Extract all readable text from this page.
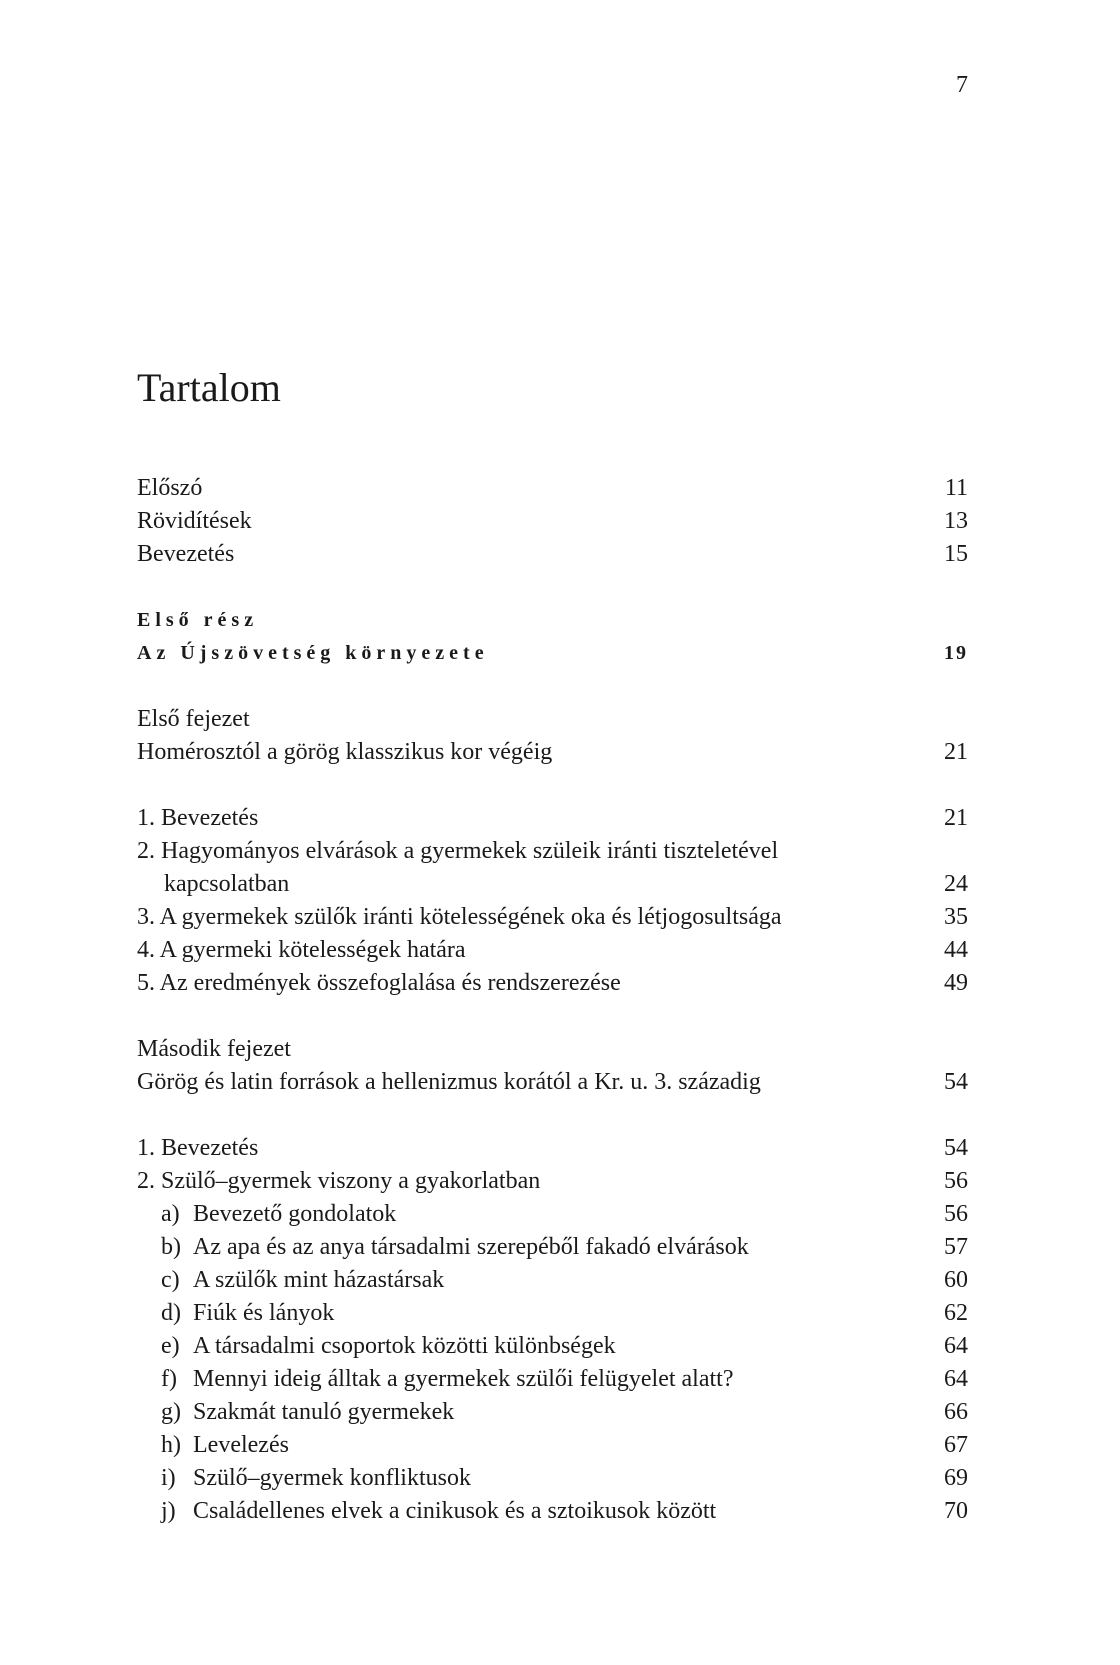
7
Tartalom
Előszó	11
Rövidítések	13
Bevezetés	15
Első rész
Az Újszövetség környezete	19
Első fejezet
Homérosztól a görög klasszikus kor végéig	21
1. Bevezetés	21
2. Hagyományos elvárások a gyermekek szüleik iránti tiszteletével
kapcsolatban	24
3. A gyermekek szülők iránti kötelességének oka és létjogosultsága	35
4. A gyermeki kötelességek határa	44
5. Az eredmények összefoglalása és rendszerezése	49
Második fejezet
Görög és latin források a hellenizmus korától a Kr. u. 3. századig	54
1. Bevezetés	54
2. Szülő–gyermek viszony a gyakorlatban	56
a) Bevezető gondolatok	56
b) Az apa és az anya társadalmi szerepéből fakadó elvárások	57
c) A szülők mint házastársak	60
d) Fiúk és lányok	62
e) A társadalmi csoportok közötti különbségek	64
f) Mennyi ideig álltak a gyermekek szülői felügyelet alatt?	64
g) Szakmát tanuló gyermekek	66
h) Levelezés	67
i) Szülő–gyermek konfliktusok	69
j) Családellenes elvek a cinikusok és a sztoikusok között	70
